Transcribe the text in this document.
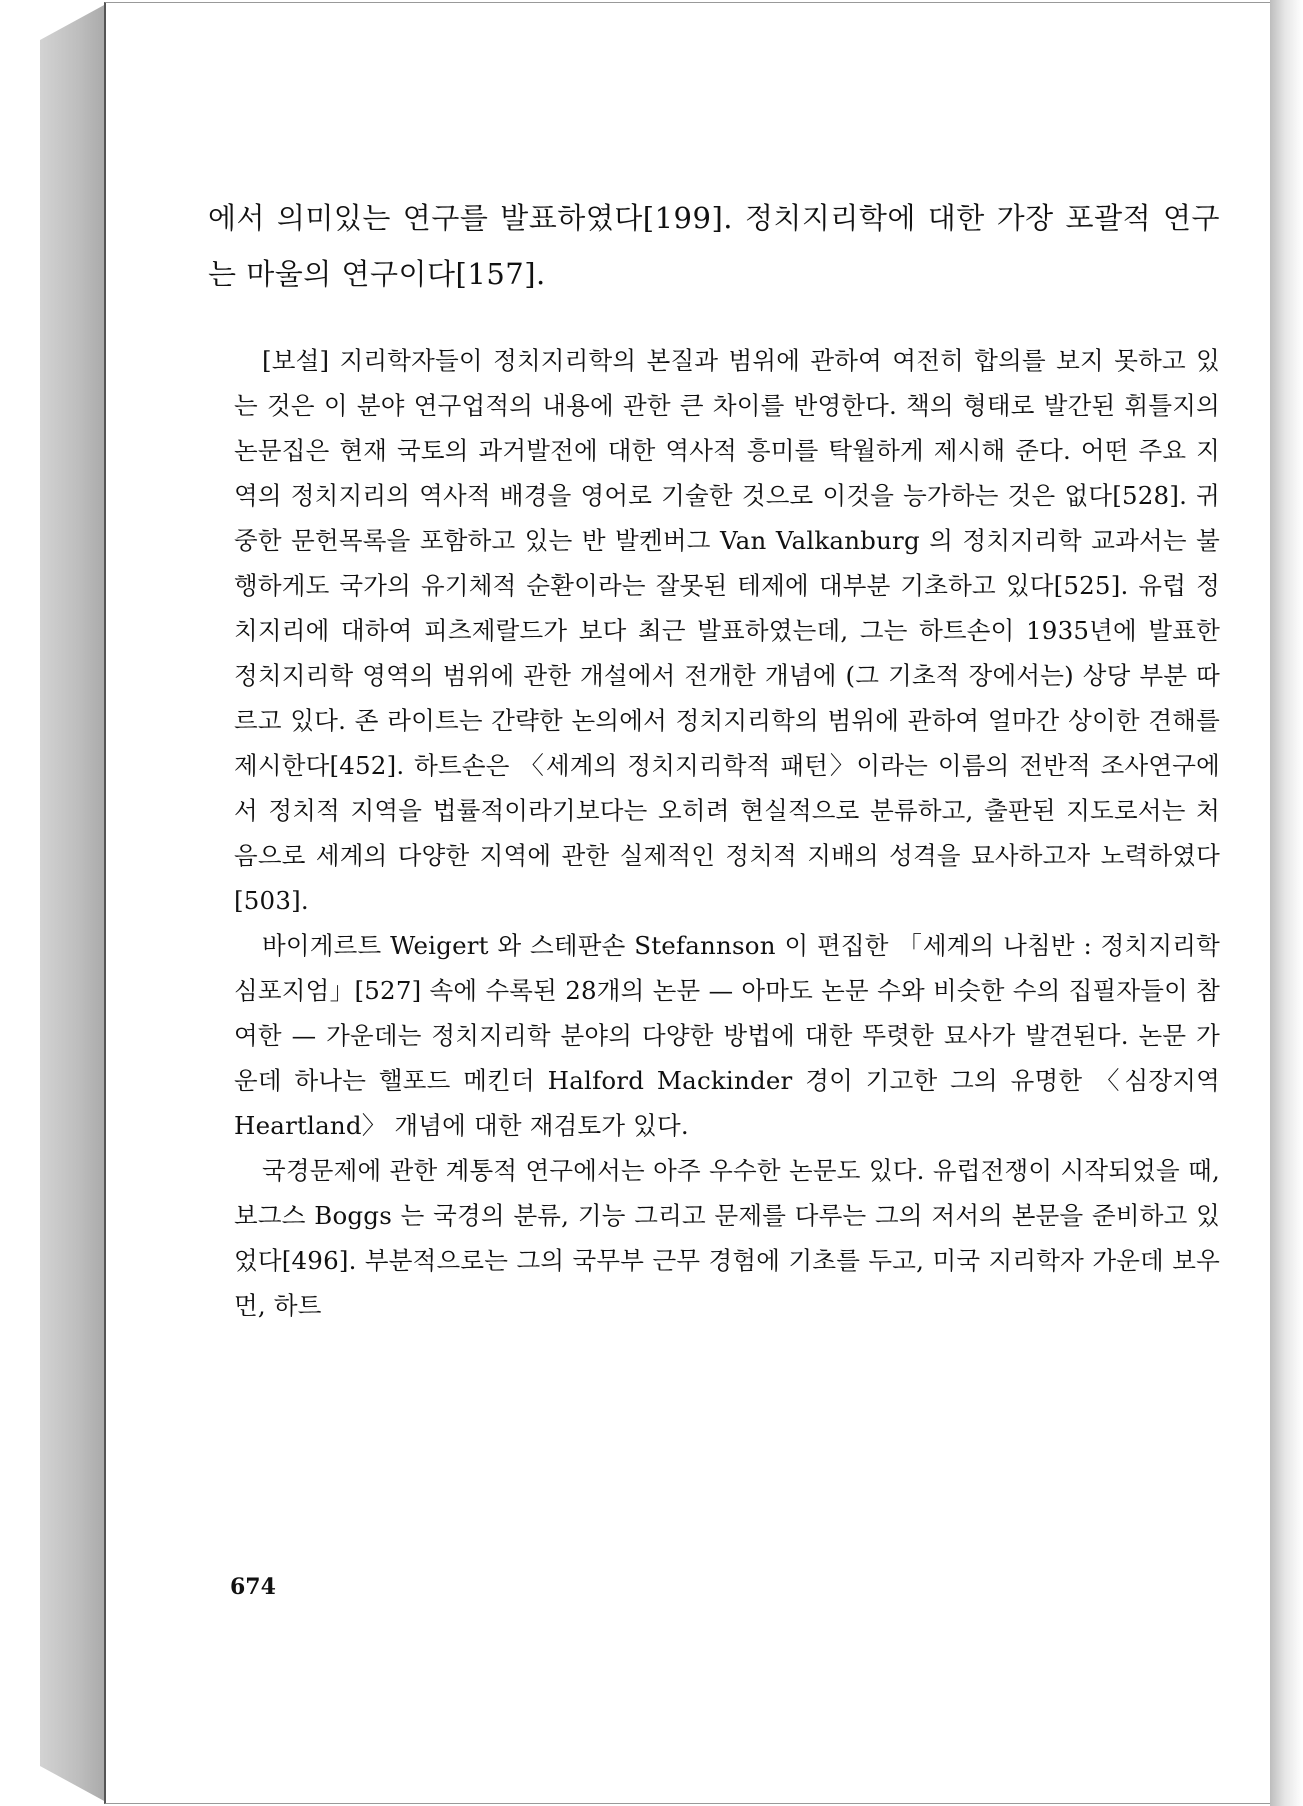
에서 의미있는 연구를 발표하였다[199]. 정치지리학에 대한 가장 포괄적 연구는 마울의 연구이다[157].

[보설] 지리학자들이 정치지리학의 본질과 범위에 관하여 여전히 합의를 보지 못하고 있는 것은 이 분야 연구업적의 내용에 관한 큰 차이를 반영한다. 책의 형태로 발간된 휘틀지의 논문집은 현재 국토의 과거발전에 대한 역사적 흥미를 탁월하게 제시해 준다. 어떤 주요 지역의 정치지리의 역사적 배경을 영어로 기술한 것으로 이것을 능가하는 것은 없다[528]. 귀중한 문헌목록을 포함하고 있는 반 발켄버그 Van Valkanburg 의 정치지리학 교과서는 불행하게도 국가의 유기체적 순환이라는 잘못된 테제에 대부분 기초하고 있다[525]. 유럽 정치지리에 대하여 피츠제랄드가 보다 최근 발표하였는데, 그는 하트손이 1935년에 발표한 정치지리학 영역의 범위에 관한 개설에서 전개한 개념에 (그 기초적 장에서는) 상당 부분 따르고 있다. 존 라이트는 간략한 논의에서 정치지리학의 범위에 관하여 얼마간 상이한 견해를 제시한다[452]. 하트손은 〈세계의 정치지리학적 패턴〉이라는 이름의 전반적 조사연구에서 정치적 지역을 법률적이라기보다는 오히려 현실적으로 분류하고, 출판된 지도로서는 처음으로 세계의 다양한 지역에 관한 실제적인 정치적 지배의 성격을 묘사하고자 노력하였다[503].

바이게르트 Weigert 와 스테판손 Stefannson 이 편집한 「세계의 나침반 : 정치지리학 심포지엄」[527] 속에 수록된 28개의 논문 — 아마도 논문 수와 비슷한 수의 집필자들이 참여한 — 가운데는 정치지리학 분야의 다양한 방법에 대한 뚜렷한 묘사가 발견된다. 논문 가운데 하나는 핼포드 메킨더 Halford Mackinder 경이 기고한 그의 유명한 〈심장지역 Heartland〉 개념에 대한 재검토가 있다.

국경문제에 관한 계통적 연구에서는 아주 우수한 논문도 있다. 유럽전쟁이 시작되었을 때, 보그스 Boggs 는 국경의 분류, 기능 그리고 문제를 다루는 그의 저서의 본문을 준비하고 있었다[496]. 부분적으로는 그의 국무부 근무 경험에 기초를 두고, 미국 지리학자 가운데 보우먼, 하트

674
